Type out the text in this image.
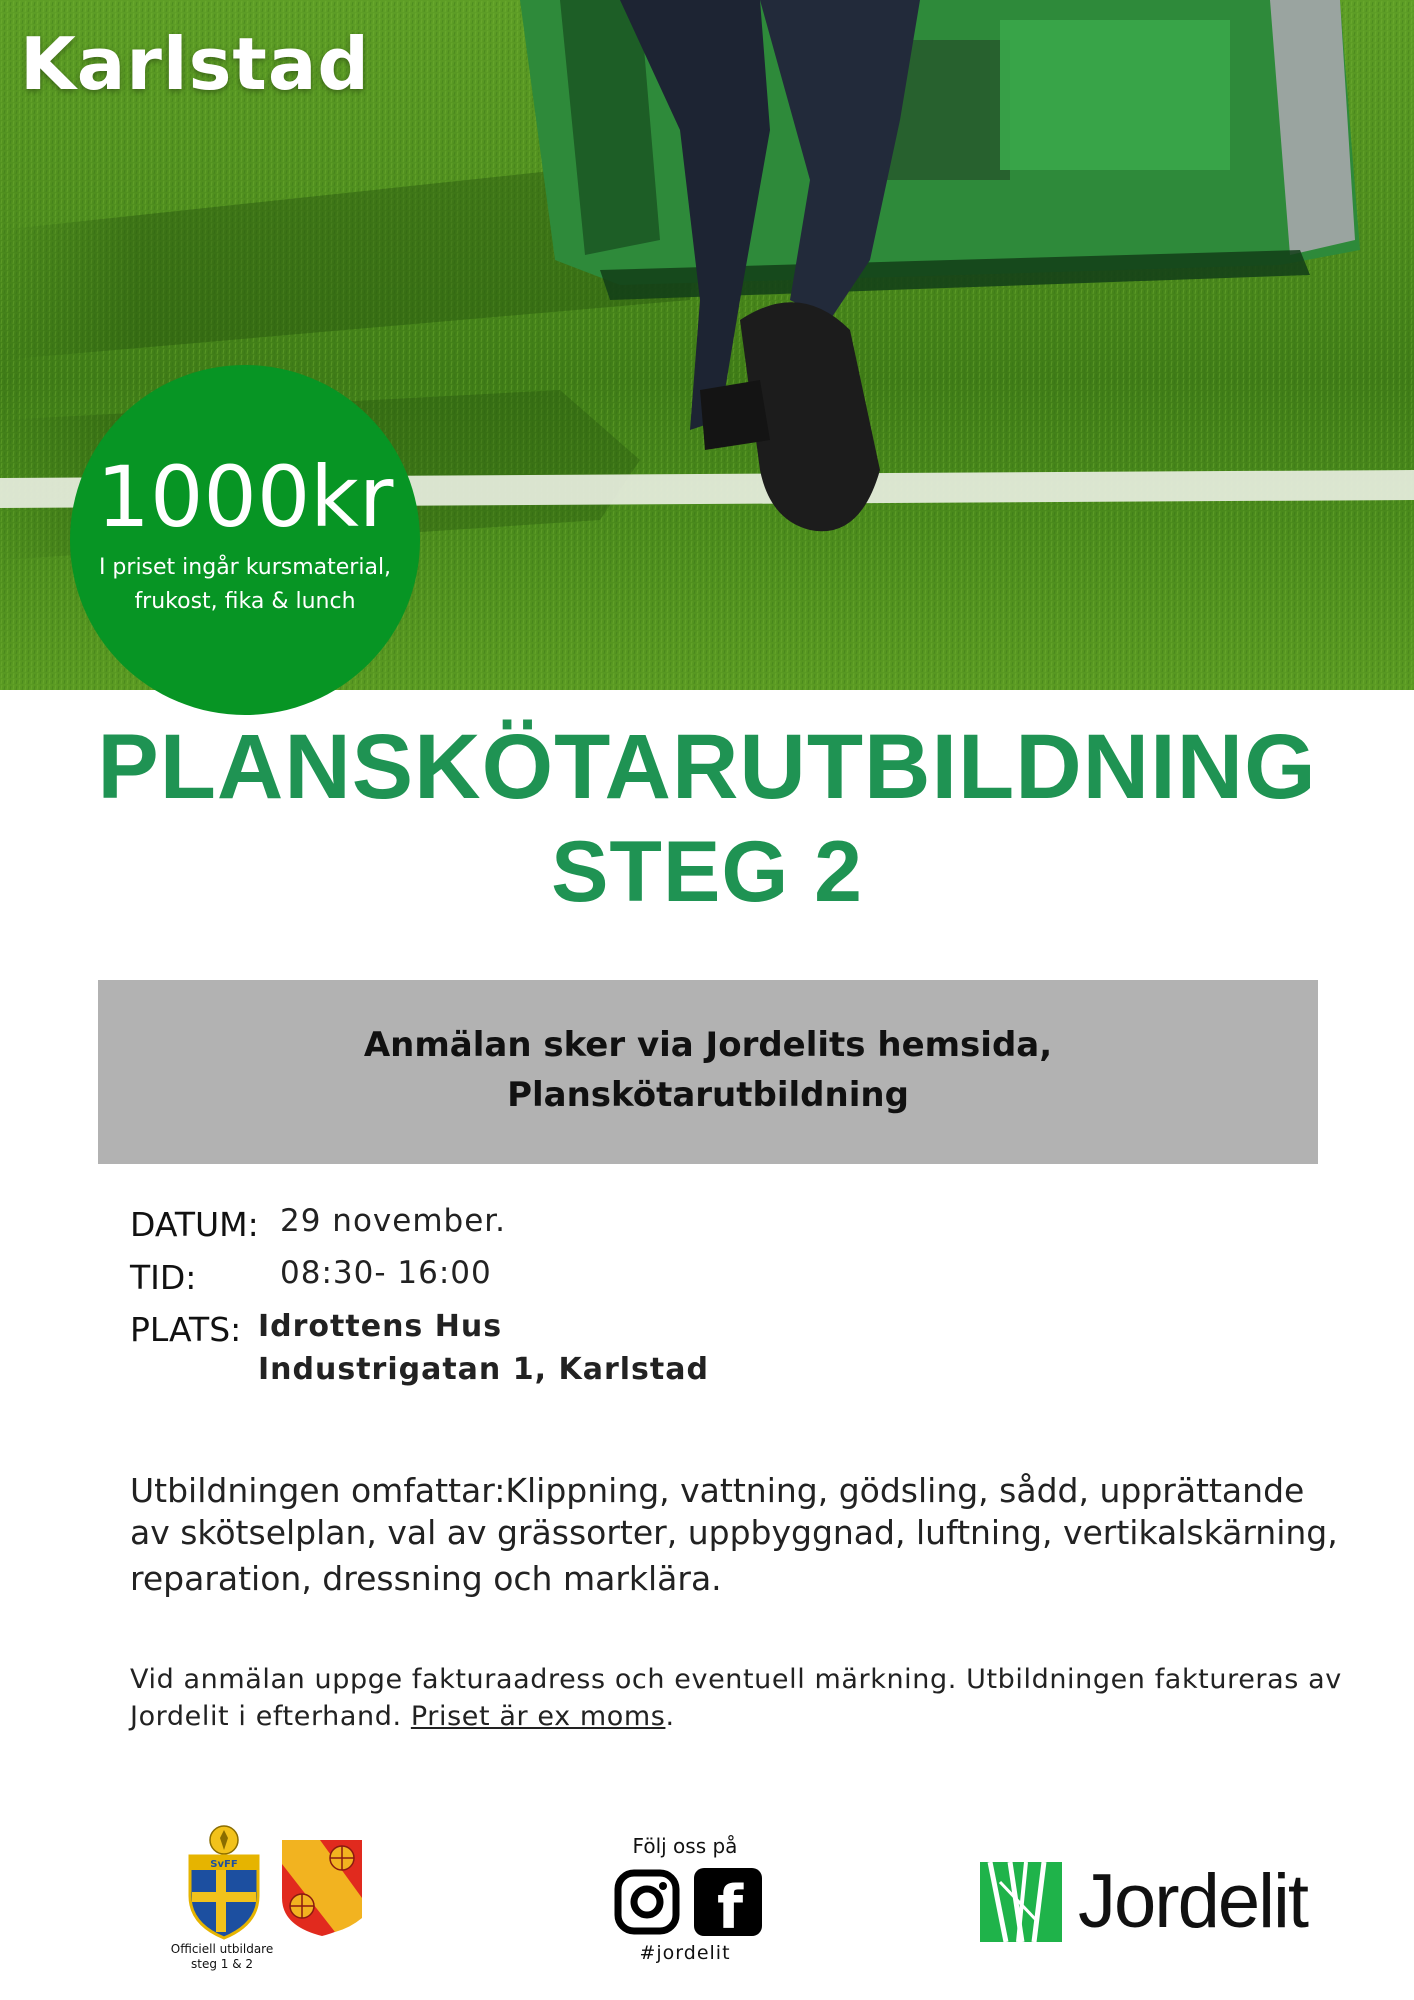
Karlstad
1000kr
I priset ingår kursmaterial,
frukost, fika & lunch
PLANSKÖTARUTBILDNING
STEG 2
Anmälan sker via Jordelits hemsida,
Planskötarutbildning
DATUM: 29 november.
TID:	08:30- 16:00
PLATS: Idrottens Hus
Industrigatan 1, Karlstad
Utbildningen omfattar:Klippning, vattning, gödsling, sådd, upprättande
av skötselplan, val av grässorter, uppbyggnad, luftning, vertikalskärning,
reparation, dressning och marklära.
Vid anmälan uppge fakturaadress och eventuell märkning. Utbildningen faktureras av
Jordelit i efterhand. Priset är ex moms.
SvFF
Officiell utbildare
steg 1 & 2
Följ oss på
f
#jordelit
Jordelit
